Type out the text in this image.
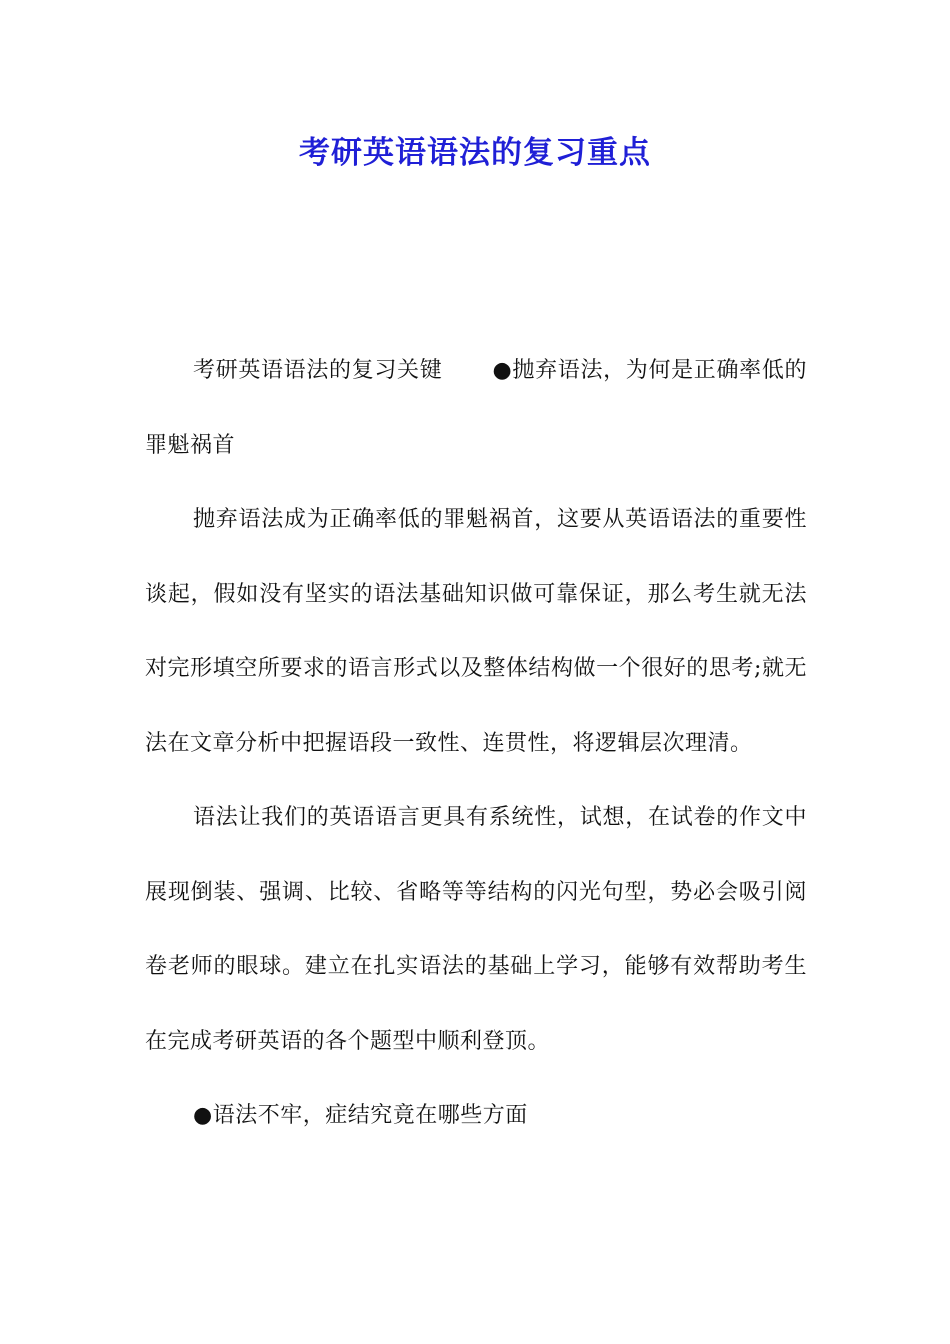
考研英语语法的复习重点

考研英语语法的复习关键 ●抛弃语法，为何是正确率低的罪魁祸首

抛弃语法成为正确率低的罪魁祸首，这要从英语语法的重要性谈起，假如没有坚实的语法基础知识做可靠保证，那么考生就无法对完形填空所要求的语言形式以及整体结构做一个很好的思考;就无法在文章分析中把握语段一致性、连贯性，将逻辑层次理清。

语法让我们的英语语言更具有系统性，试想，在试卷的作文中展现倒装、强调、比较、省略等等结构的闪光句型，势必会吸引阅卷老师的眼球。建立在扎实语法的基础上学习，能够有效帮助考生在完成考研英语的各个题型中顺利登顶。

●语法不牢，症结究竟在哪些方面
